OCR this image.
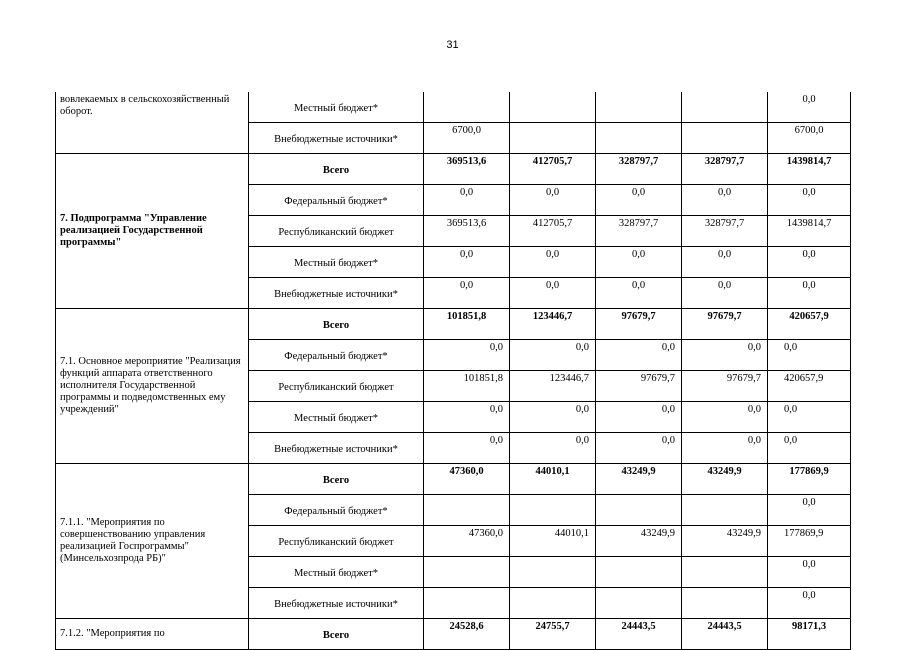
31
вовлекаемых в сельскохозяйственный оборот.	Местный бюджет*					0,0
	Внебюджетные источники*	6700,0				6700,0
7. Подпрограмма "Управление реализацией Государственной программы"	Всего	369513,6	412705,7	328797,7	328797,7	1439814,7
	Федеральный бюджет*	0,0	0,0	0,0	0,0	0,0
	Республиканский бюджет	369513,6	412705,7	328797,7	328797,7	1439814,7
	Местный бюджет*	0,0	0,0	0,0	0,0	0,0
	Внебюджетные источники*	0,0	0,0	0,0	0,0	0,0
7.1. Основное мероприятие "Реализация функций аппарата ответственного исполнителя Государственной программы и подведомственных ему учреждений"	Всего	101851,8	123446,7	97679,7	97679,7	420657,9
	Федеральный бюджет*	0,0	0,0	0,0	0,0	0,0
	Республиканский бюджет	101851,8	123446,7	97679,7	97679,7	420657,9
	Местный бюджет*	0,0	0,0	0,0	0,0	0,0
	Внебюджетные источники*	0,0	0,0	0,0	0,0	0,0
7.1.1. "Мероприятия по совершенствованию управления реализацией Госпрограммы" (Минсельхозпрода РБ)"	Всего	47360,0	44010,1	43249,9	43249,9	177869,9
	Федеральный бюджет*					0,0
	Республиканский бюджет	47360,0	44010,1	43249,9	43249,9	177869,9
	Местный бюджет*					0,0
	Внебюджетные источники*					0,0
7.1.2. "Мероприятия по	Всего	24528,6	24755,7	24443,5	24443,5	98171,3
